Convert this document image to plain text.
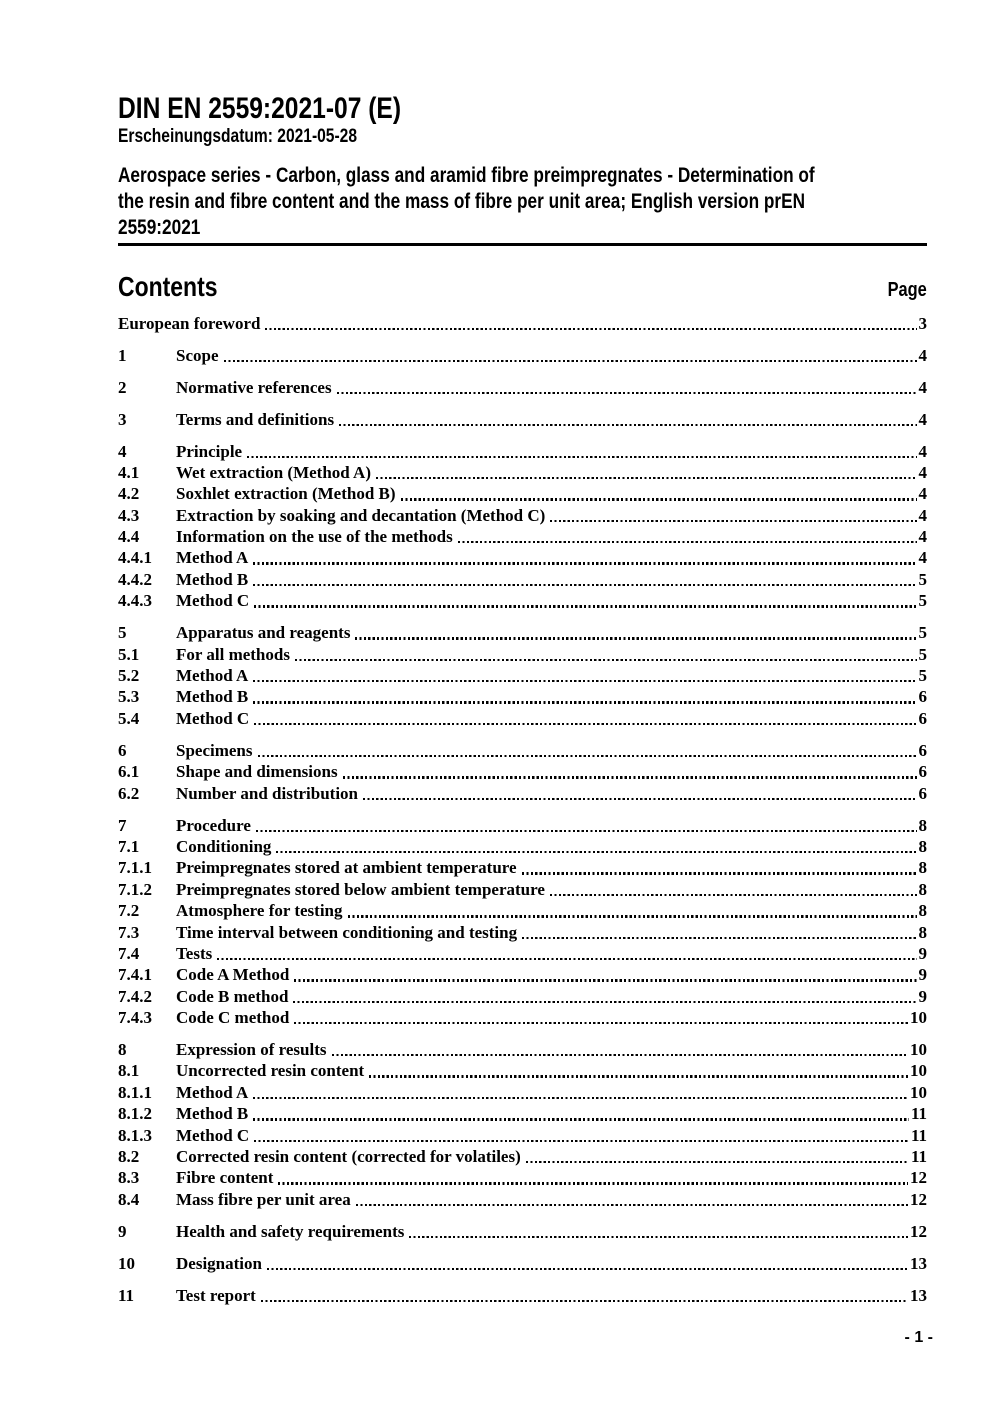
DIN EN 2559:2021-07 (E)
Erscheinungsdatum: 2021-05-28
Aerospace series - Carbon, glass and aramid fibre preimpregnates - Determination of
the resin and fibre content and the mass of fibre per unit area; English version prEN
2559:2021
Contents	Page
European foreword	3
1	Scope	4
2	Normative references	4
3	Terms and definitions	4
4	Principle	4
4.1	Wet extraction (Method A)	4
4.2	Soxhlet extraction (Method B)	4
4.3	Extraction by soaking and decantation (Method C)	4
4.4	Information on the use of the methods	4
4.4.1	Method A	4
4.4.2	Method B	5
4.4.3	Method C	5
5	Apparatus and reagents	5
5.1	For all methods	5
5.2	Method A	5
5.3	Method B	6
5.4	Method C	6
6	Specimens	6
6.1	Shape and dimensions	6
6.2	Number and distribution	6
7	Procedure	8
7.1	Conditioning	8
7.1.1	Preimpregnates stored at ambient temperature	8
7.1.2	Preimpregnates stored below ambient temperature	8
7.2	Atmosphere for testing	8
7.3	Time interval between conditioning and testing	8
7.4	Tests	9
7.4.1	Code A Method	9
7.4.2	Code B method	9
7.4.3	Code C method	10
8	Expression of results	10
8.1	Uncorrected resin content	10
8.1.1	Method A	10
8.1.2	Method B	11
8.1.3	Method C	11
8.2	Corrected resin content (corrected for volatiles)	11
8.3	Fibre content	12
8.4	Mass fibre per unit area	12
9	Health and safety requirements	12
10	Designation	13
11	Test report	13
- 1 -
